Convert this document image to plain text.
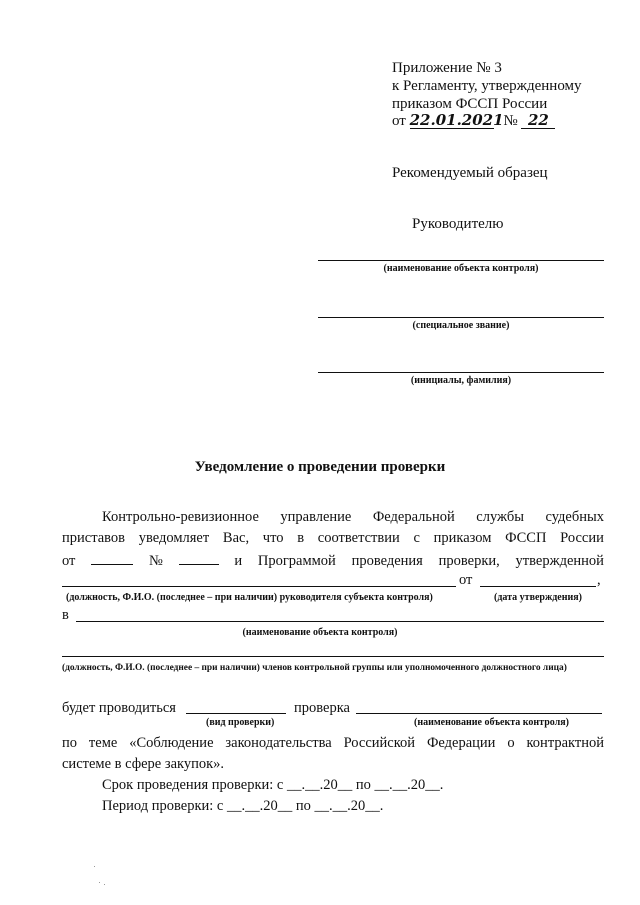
Приложение № 3
к Регламенту, утвержденному
приказом ФССП России
от 22.01.2021 № 22
Рекомендуемый образец
Руководителю
(наименование объекта контроля)
(специальное звание)
(инициалы, фамилия)
Уведомление о проведении проверки
Контрольно-ревизионное управление Федеральной службы судебных
приставов уведомляет Вас, что в соответствии с приказом ФССП России
от	№	и Программой проведения проверки, утвержденной
от	,
(должность, Ф.И.О. (последнее – при наличии) руководителя субъекта контроля)	(дата утверждения)
в
(наименование объекта контроля)
(должность, Ф.И.О. (последнее – при наличии) членов контрольной группы или уполномоченного должностного лица)
будет проводиться	проверка
(вид проверки)	(наименование объекта контроля)
по теме «Соблюдение законодательства Российской Федерации о контрактной
системе в сфере закупок».
Срок проведения проверки: с __.__.20__ по __.__.20__.
Период проверки: с __.__.20__ по __.__.20__.
